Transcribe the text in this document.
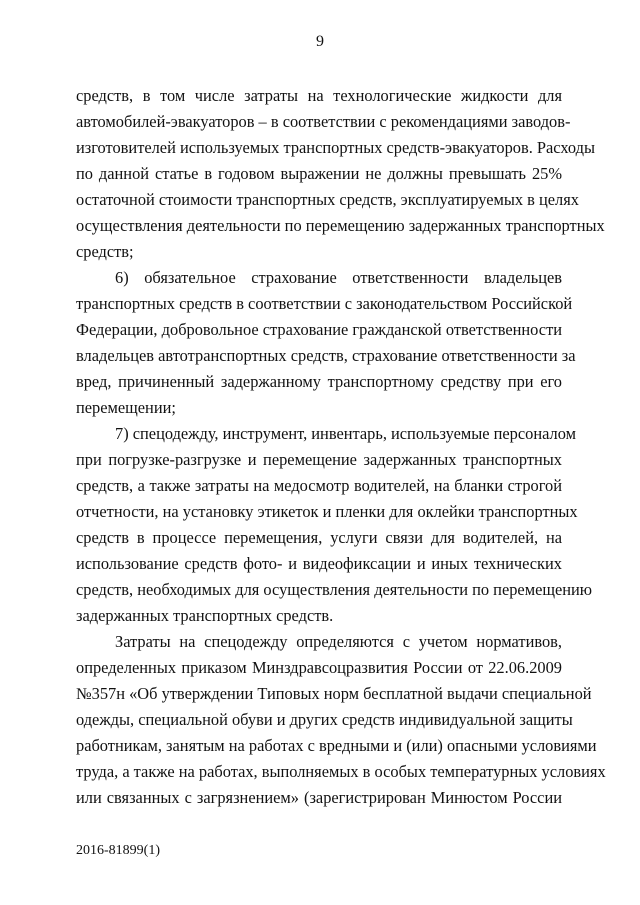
9
средств, в том числе затраты на технологические жидкости для
автомобилей-эвакуаторов – в соответствии с рекомендациями заводов-
изготовителей используемых транспортных средств-эвакуаторов. Расходы
по данной статье в годовом выражении не должны превышать 25%
остаточной стоимости транспортных средств, эксплуатируемых в целях
осуществления деятельности по перемещению задержанных транспортных
средств;
6) обязательное страхование ответственности владельцев
транспортных средств в соответствии с законодательством Российской
Федерации, добровольное страхование гражданской ответственности
владельцев автотранспортных средств, страхование ответственности за
вред, причиненный задержанному транспортному средству при его
перемещении;
7) спецодежду, инструмент, инвентарь, используемые персоналом
при погрузке-разгрузке и перемещение задержанных транспортных
средств, а также затраты на медосмотр водителей, на бланки строгой
отчетности, на установку этикеток и пленки для оклейки транспортных
средств в процессе перемещения, услуги связи для водителей, на
использование средств фото- и видеофиксации и иных технических
средств, необходимых для осуществления деятельности по перемещению
задержанных транспортных средств.
Затраты на спецодежду определяются с учетом нормативов,
определенных приказом Минздравсоцразвития России от 22.06.2009
№357н «Об утверждении Типовых норм бесплатной выдачи специальной
одежды, специальной обуви и других средств индивидуальной защиты
работникам, занятым на работах с вредными и (или) опасными условиями
труда, а также на работах, выполняемых в особых температурных условиях
или связанных с загрязнением» (зарегистрирован Минюстом России
2016-81899(1)
